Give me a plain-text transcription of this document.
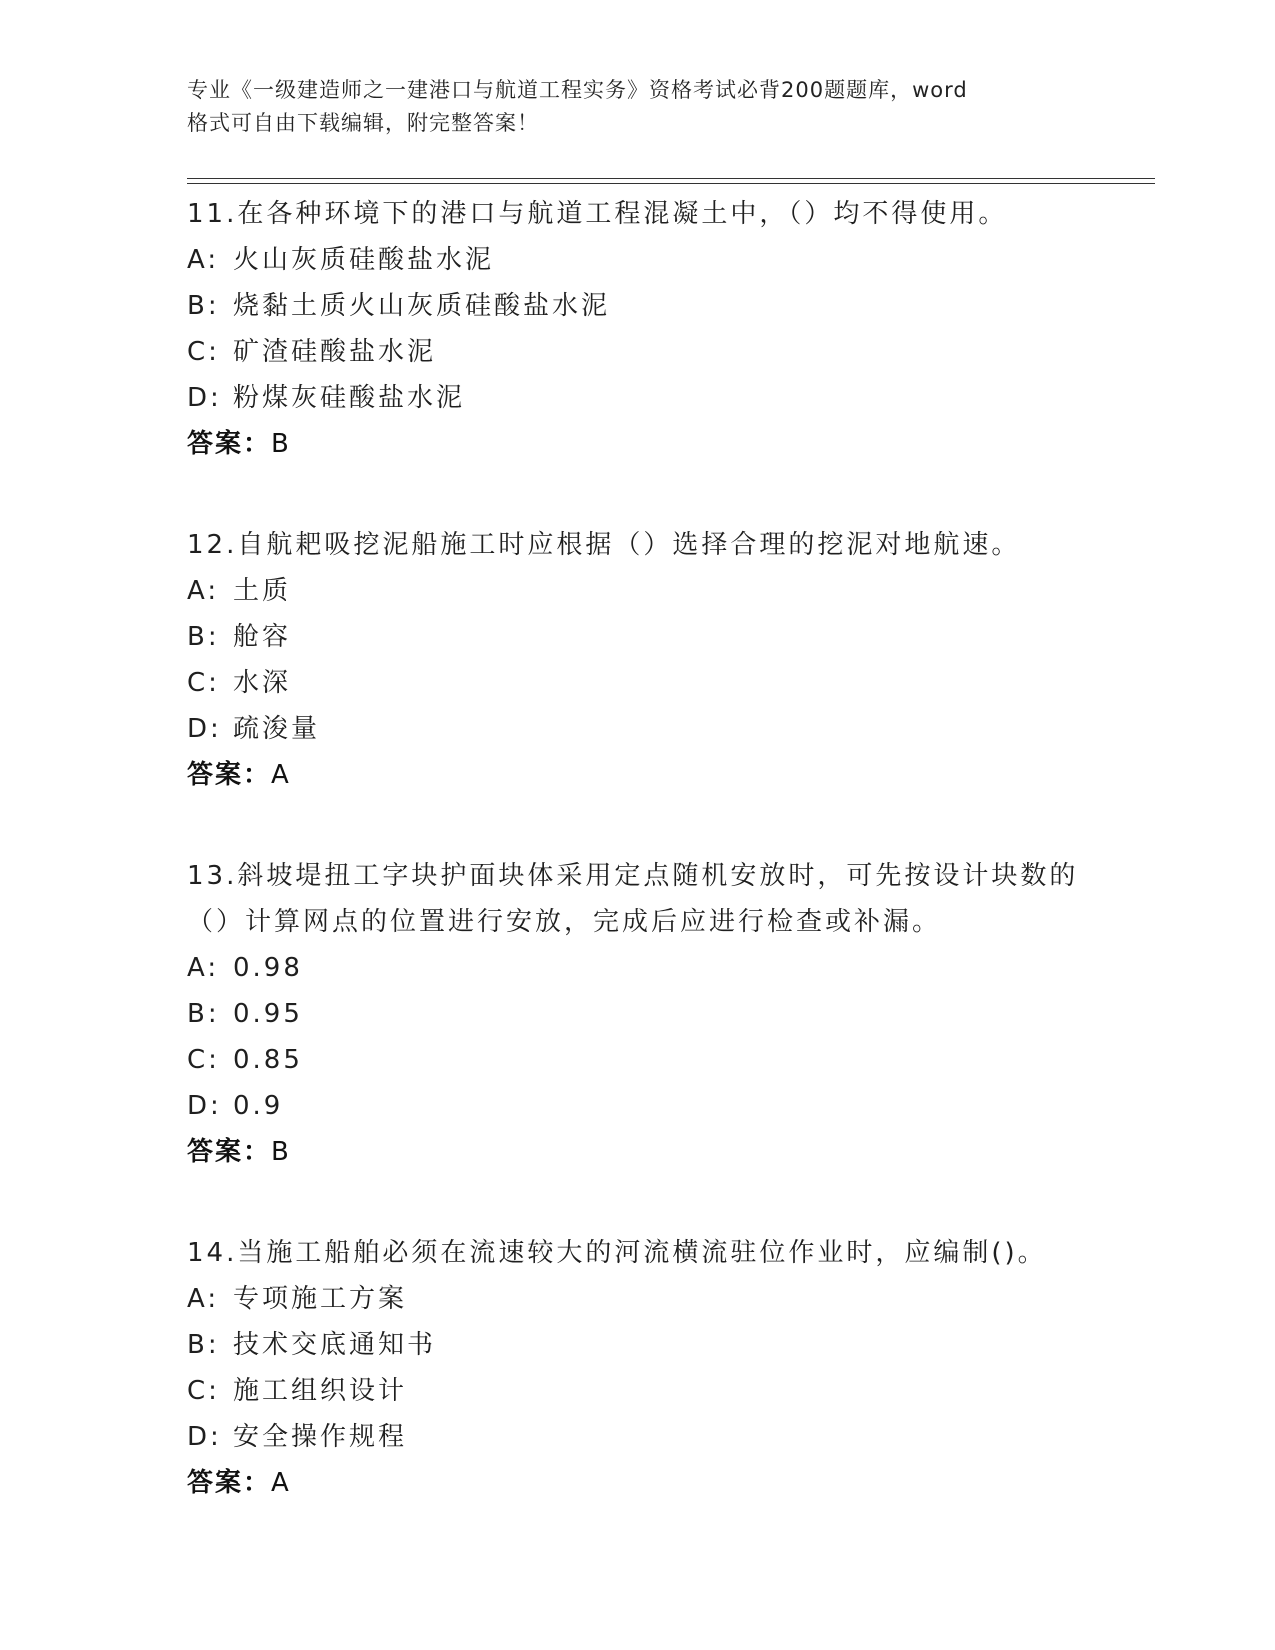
专业《一级建造师之一建港口与航道工程实务》资格考试必背200题题库，word
格式可自由下载编辑，附完整答案！
11.在各种环境下的港口与航道工程混凝土中，（）均不得使用。
A: 火山灰质硅酸盐水泥
B: 烧黏土质火山灰质硅酸盐水泥
C: 矿渣硅酸盐水泥
D: 粉煤灰硅酸盐水泥
答案：B
12.自航耙吸挖泥船施工时应根据（）选择合理的挖泥对地航速。
A: 土质
B: 舱容
C: 水深
D: 疏浚量
答案：A
13.斜坡堤扭工字块护面块体采用定点随机安放时，可先按设计块数的（）计算网点的位置进行安放，完成后应进行检查或补漏。
A: 0.98
B: 0.95
C: 0.85
D: 0.9
答案：B
14.当施工船舶必须在流速较大的河流横流驻位作业时，应编制()。
A: 专项施工方案
B: 技术交底通知书
C: 施工组织设计
D: 安全操作规程
答案：A
